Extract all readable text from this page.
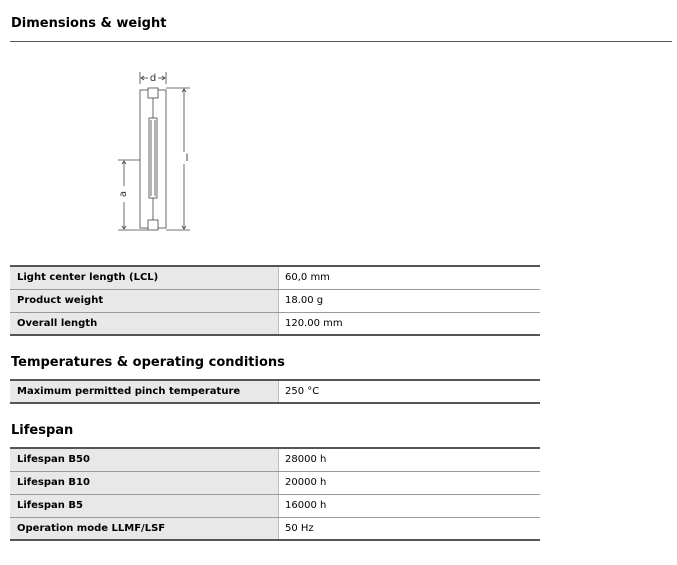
Dimensions & weight
d
l
a
Light center length (LCL)	60,0 mm
Product weight	18.00 g
Overall length	120.00 mm
Temperatures & operating conditions
Maximum permitted pinch temperature	250 °C
Lifespan
Lifespan B50	28000 h
Lifespan B10	20000 h
Lifespan B5	16000 h
Operation mode LLMF/LSF	50 Hz
